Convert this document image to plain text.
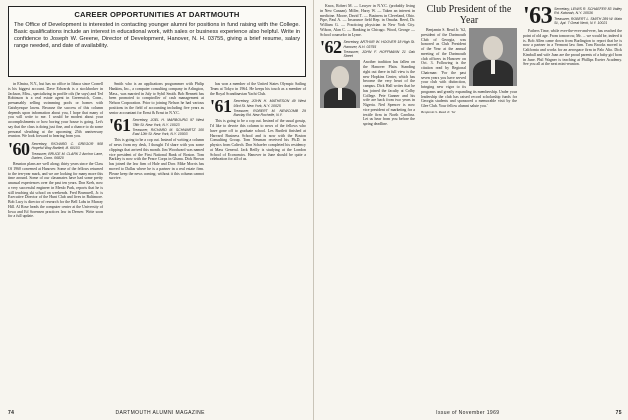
CAREER OPPORTUNITIES AT DARTMOUTH
The Office of Development is interested in contacting younger alumni for positions in fund raising with the College. Basic qualifications include an interest in educational work, with sales or business experience also helpful. Write in confidence to Joseph W. Greene, Director of Development, Hanover, N. H. 03755, giving a brief resume, salary range needed, and date of availability.

in Elmira, N.Y., but has no office in Ithaca since Cornell is his biggest account. Dave Edwards is a stockbroker in Jackson, Miss., specializing in profile oils (he says) and Ted Robinson is a real estate agent in Greenwich, Conn., presumably selling swimming pools or homes with Gatsbyesque lawns. Because the success of this column depends upon information about you, I hope that many of you will write to me. I would be modest about your accomplishments or how boring your house is going. Let's say that the class is doing just fine, and a chance to do some personal sleuthing at the upcoming 25th anniversary reunion. We look forward to hearing from you.

'60 Secretary, RICHARD C. GREGOR 908 Hopeful Way Bartlett, Ill. 60103
Treasurer, BRUCE M. CLARK 2 Anchor Lane, Darien, Conn. 06820

Reunion plans are well along; thirty years since the Class Of 1960 convened at Hanover. Some of the fellows returned to the ten-year mark, and we are looking for many more this time around. Some of our classmates have had some pretty unusual experiences over the past ten years. Don Kreb, now a very successful engineer in Menlo Park, reports that he is still teaching ski school on weekends. Fred Bramwell, Jr. is Executive Director of the Hunt Club and lives in Baltimore. Bob Lacy is director of research for the Bell Labs in Murray Hill. Al Rose heads the computer center at the University of Iowa and Ed Sorensen practices law in Denver. Write soon for a full update.

Smith who is an applications programmer with Philip Hankins, Inc., a computer consulting company in Arlington, Mass., was married in July to Sybil Smith. Bob Bennett has been promoted to comptroller of cash management at Nelson Corporation. Prior to joining Nelson he had various positions in the field of accounting including five years as senior accountant for Ernst & Ernst in N.Y.C.

'61 Secretary, JOEL H. MARBOURG 97 West 78th St. New York, N.Y. 10023
Treasurer, RICHARD M. SCHWARTZ 100 East 12th St. New York, N.Y. 10003

This is going to be a cop out. Instead of writing a column of news from my desk, I thought I'd share with you some clippings that arrived this month. Jim Woodward was named vice president of the First National Bank of Boston. Tom Barkley is now with the Peace Corps in Ghana. Dick Brown has joined the law firm of Hale and Dorr. Mike Morris has moved to Dallas where he is a partner in a real estate firm. Please keep the news coming; without it this column cannot survive.

has won a member of the United States Olympic Sailing Team at Tokyo in 1964. He keeps his touch as a member of the Royal Scandinavian Yacht Club.

'61 Secretary, JOHN H. MATHESON 49 West 93rd St. New York, N.Y. 10025
Treasurer, ROBERT M. NEWCOMB 29 Barclay Rd. New Rochelle, N.Y.

This is going to be a cop out. Instead of the usual gossip, I'd like to devote this column to news of the fellows who have gone off to graduate school. Les Bartlett finished at Harvard Business School and is now with the Boston Consulting Group. Tom Neuman received his Ph.D. in physics from Caltech. Don Schaefer completed his residency at Mass General. Jack Reilly is studying at the London School of Economics. Hanover in June should be quite a celebration for all of us.

74	DARTMOUTH ALUMNI MAGAZINE

Knox, Robert M. — Lawyer in N.Y.C. (probably living in New Canaan). Miller, Harry W. — Taken an interest in medicine. Moore, David T. — Business in Cleveland, Ohio. Pipe, Paul A. — Insurance field Rep. in Omaha. Reed, Dr. William G. — Practicing physician in New York City. Wilson, Alan C. — Banking in Chicago. Wood, George — School counselor in Lyme.

'62 Secretary, ARTHUR W. HOOVER 18 High St. Hanover, N.H. 03755
Treasurer, JOHN F. HOFFMANN 21 Oak Street

Another tradition has fallen on the Hanover Plain. Standing right out there in full view is the new Hopkins Center, which has become the very heart of the campus. Dick Hall writes that he has joined the faculty at Colby College. Pete Ganner and his wife are back from two years in Nigeria. Ned Spencer is now vice president of marketing for a textile firm in North Carolina. Let us hear from you before the spring deadline.

Club President of the Year

Benjamin S. Read Jr. '62, president of the Dartmouth Club of Georgia, was honored as Club President of the Year at the annual meeting of the Dartmouth club officers in Hanover on Oct. 3. Following is the citation read by Regional Chairman: 'For the past seven years you have served your club with distinction, bringing new vigor to its programs and greatly expanding its membership. Under your leadership the club has raised record scholarship funds for Georgia students and sponsored a memorable visit by the Glee Club. Your fellow alumni salute you.'

Benjamin S. Read Jr. '62
'63 Secretary, LEWIS R. SCHAEFER 83 Valley Rd. Katonah, N.Y. 10536
Treasurer, ROBERT L. SMITH 289 W. Main St., Apt. 7 Great Neck, N.Y. 10021

Fathers Time, while ever-the-ever-and-ever, has reached the point of old age. From tomorrow, Mr. ... we would be, indeed it is. Bob Allen came down from Burlington to report that he is now a partner in a Vermont law firm. Tom Brooks moved to California and works for an aerospace firm in Palo Alto. Dick Kimball and wife Joan are the proud parents of a baby girl born in June. Phil Wagner is teaching at Phillips Exeter Academy. See you all at the next mini-reunion.

Issue of November 1969	75
